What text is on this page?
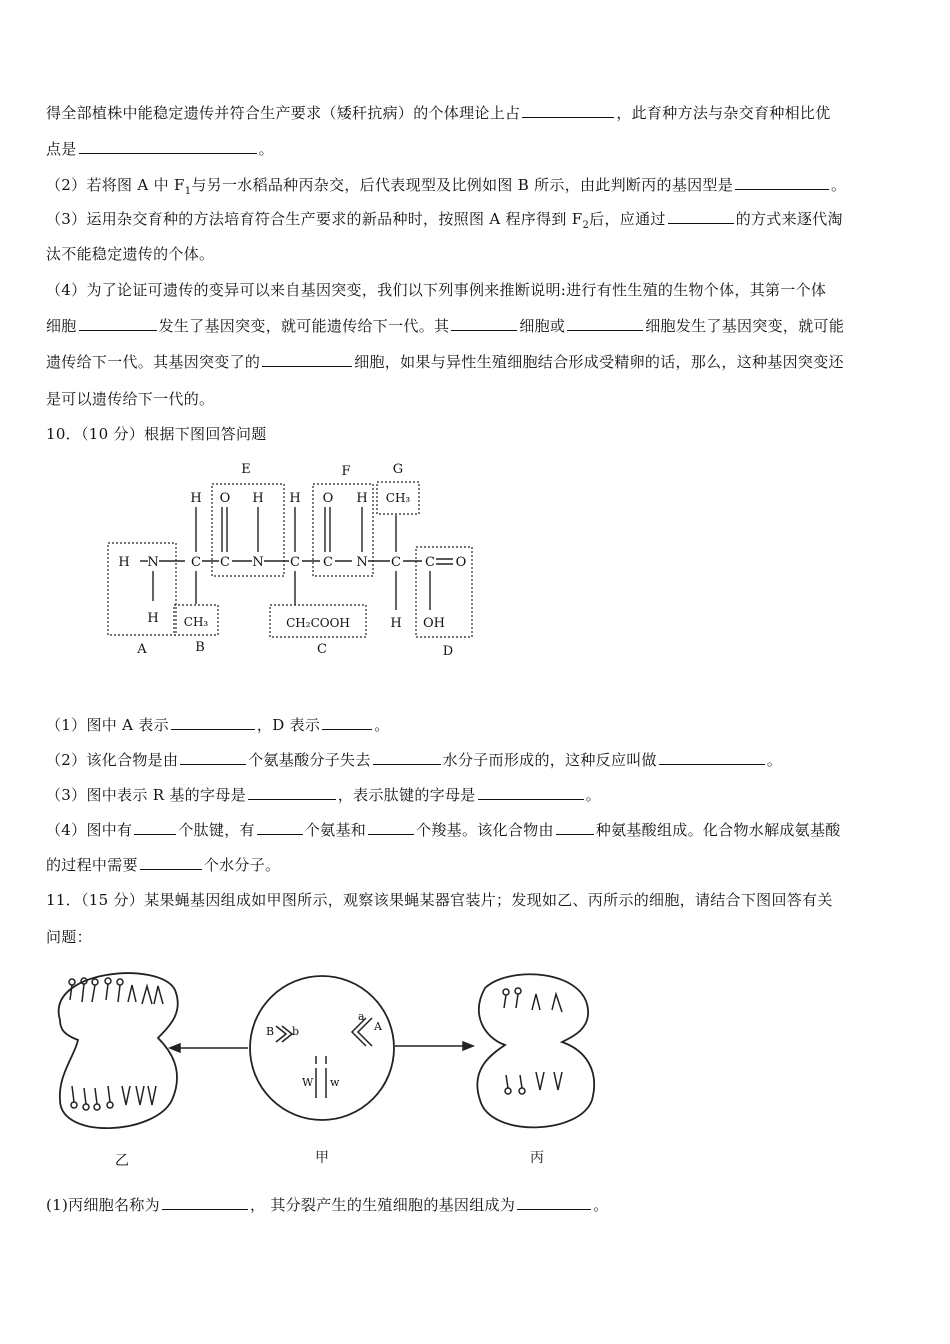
得全部植株中能稳定遗传并符合生产要求（矮秆抗病）的个体理论上占	，此育种方法与杂交育种相比优
点是	。
（2）若将图 A 中 $F_1$与另一水稻品种丙杂交，后代表现型及比例如图 B 所示，由此判断丙的基因型是	。
（3）运用杂交育种的方法培育符合生产要求的新品种时，按照图 A 程序得到 $F_2$后，应通过	的方式来逐代淘
汰不能稳定遗传的个体。
（4）为了论证可遗传的变异可以来自基因突变，我们以下列事例来推断说明:进行有性生殖的生物个体，其第一个体
细胞	发生了基因突变，就可能遗传给下一代。其	细胞或	细胞发生了基因突变，就可能
遗传给下一代。其基因突变了的	细胞，如果与异性生殖细胞结合形成受精卵的话，那么，这种基因突变还
是可以遗传给下一代的。
10．（10 分）根据下图回答问题
E	F	G
H O H H O H CH₃
H N C C N C C N C C O
H CH₃	CH₂COOH	H OH
A	B	C	D
（1）图中 A 表示	，D 表示	。
（2）该化合物是由	个氨基酸分子失去	水分子而形成的，这种反应叫做	。
（3）图中表示 R 基的字母是	，表示肽键的字母是	。
（4）图中有	个肽键，有	个氨基和	个羧基。该化合物由	种氨基酸组成。化合物水解成氨基酸
的过程中需要	个水分子。
11．（15 分）某果蝇基因组成如甲图所示，观察该果蝇某器官装片；发现如乙、丙所示的细胞，请结合下图回答有关
问题：
B b
a
A
W w
乙	甲	丙
(1)丙细胞名称为	， 其分裂产生的生殖细胞的基因组成为	。
